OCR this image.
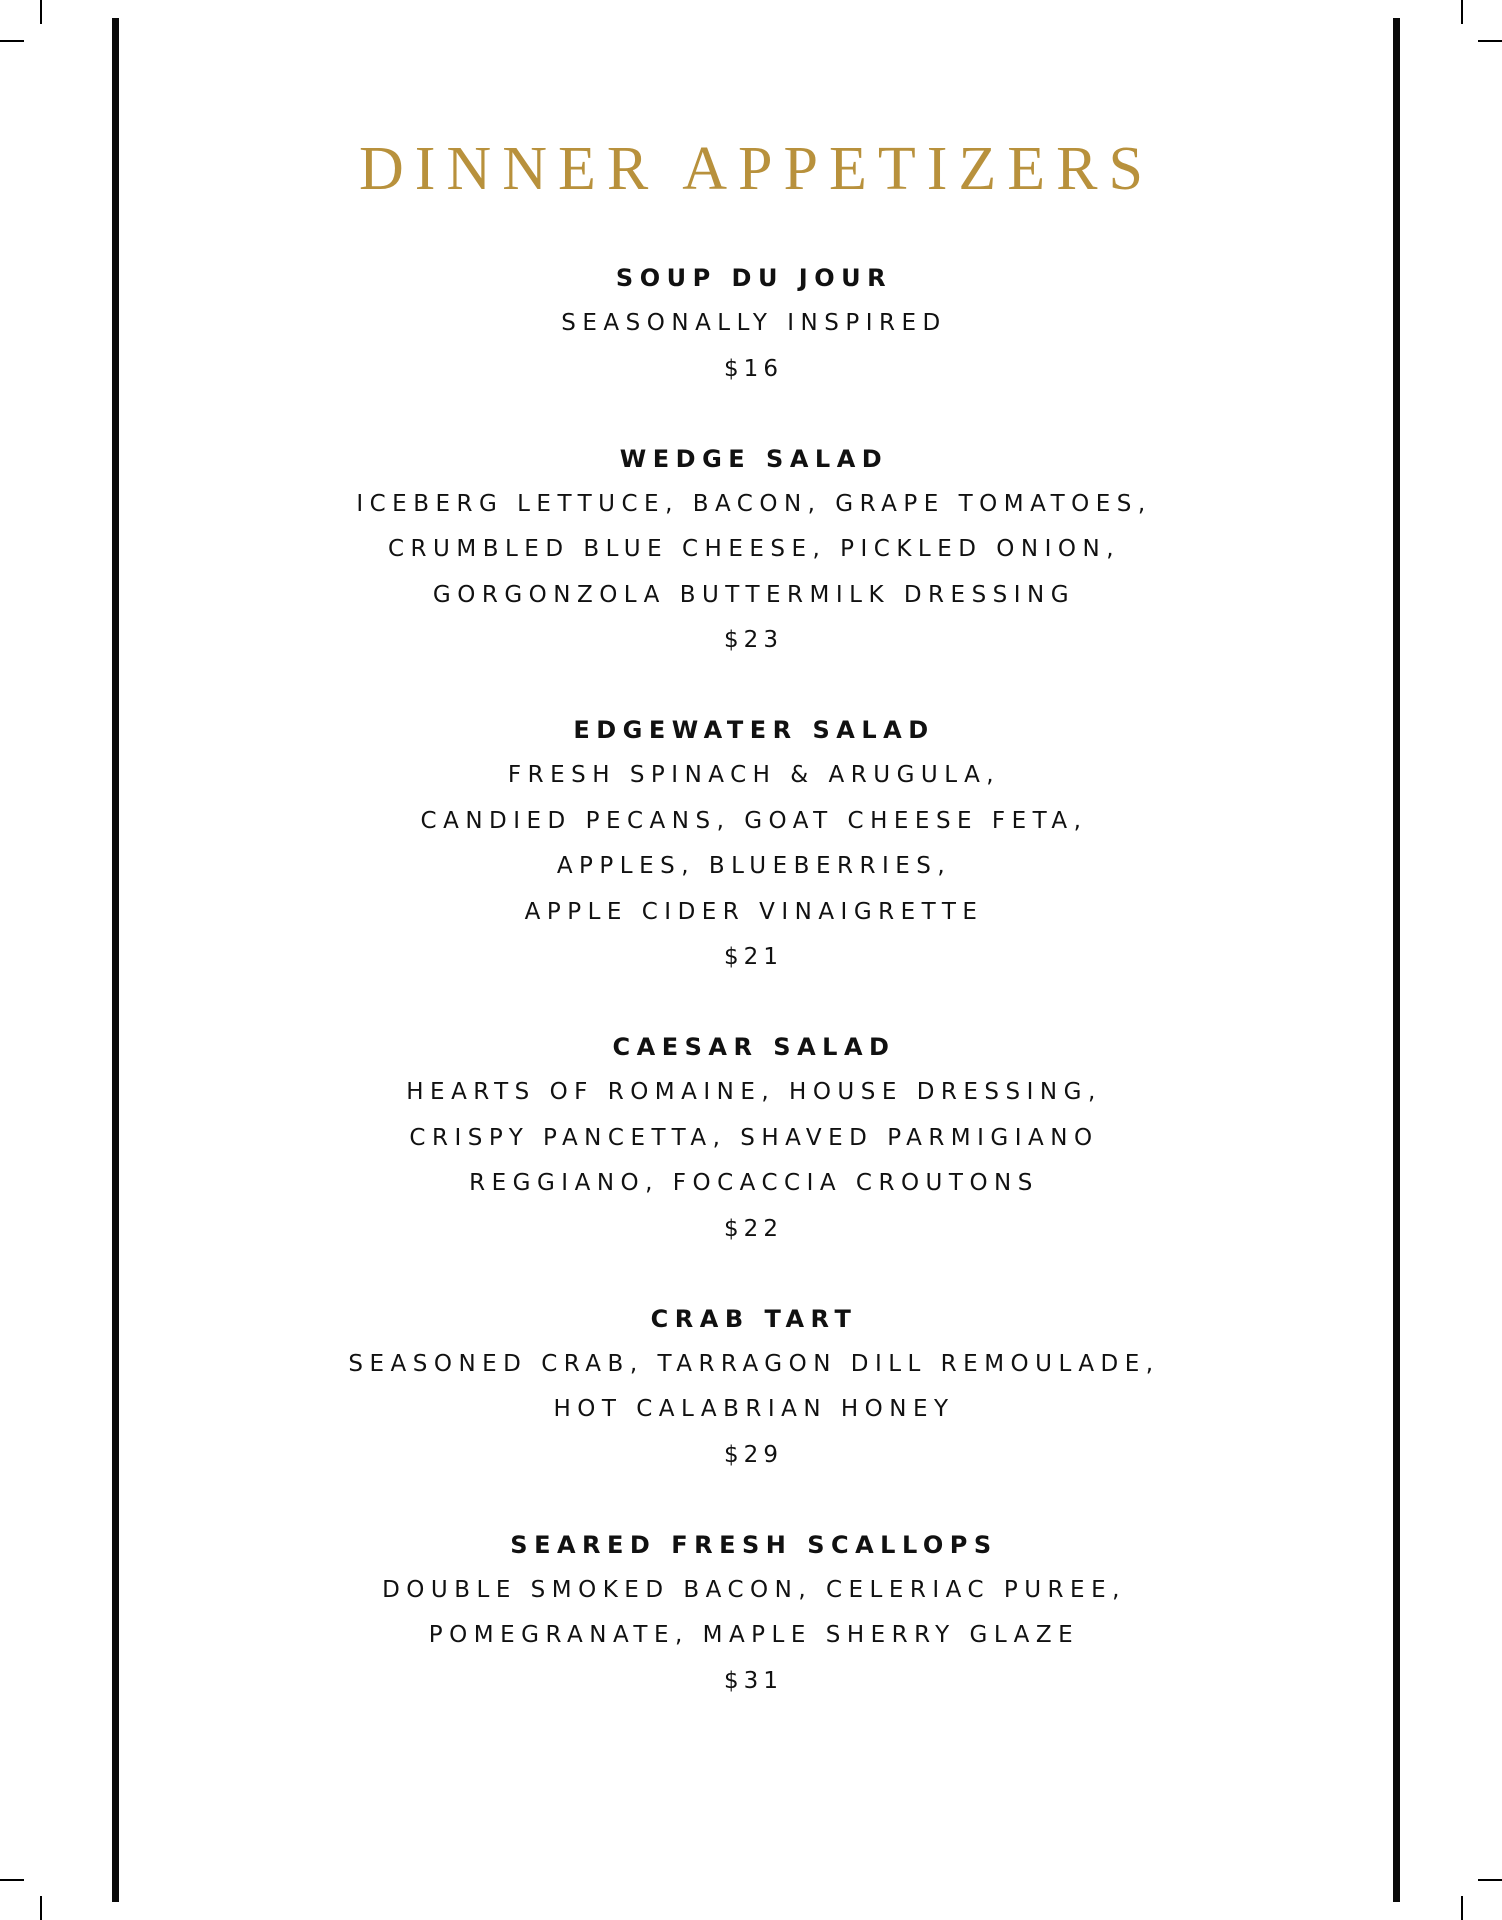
DINNER APPETIZERS
SOUP DU JOUR
SEASONALLY INSPIRED
$16
WEDGE SALAD
ICEBERG LETTUCE, BACON, GRAPE TOMATOES,
CRUMBLED BLUE CHEESE, PICKLED ONION,
GORGONZOLA BUTTERMILK DRESSING
$23
EDGEWATER SALAD
FRESH SPINACH & ARUGULA,
CANDIED PECANS, GOAT CHEESE FETA,
APPLES, BLUEBERRIES,
APPLE CIDER VINAIGRETTE
$21
CAESAR SALAD
HEARTS OF ROMAINE, HOUSE DRESSING,
CRISPY PANCETTA, SHAVED PARMIGIANO
REGGIANO, FOCACCIA CROUTONS
$22
CRAB TART
SEASONED CRAB, TARRAGON DILL REMOULADE,
HOT CALABRIAN HONEY
$29
SEARED FRESH SCALLOPS
DOUBLE SMOKED BACON, CELERIAC PUREE,
POMEGRANATE, MAPLE SHERRY GLAZE
$31
